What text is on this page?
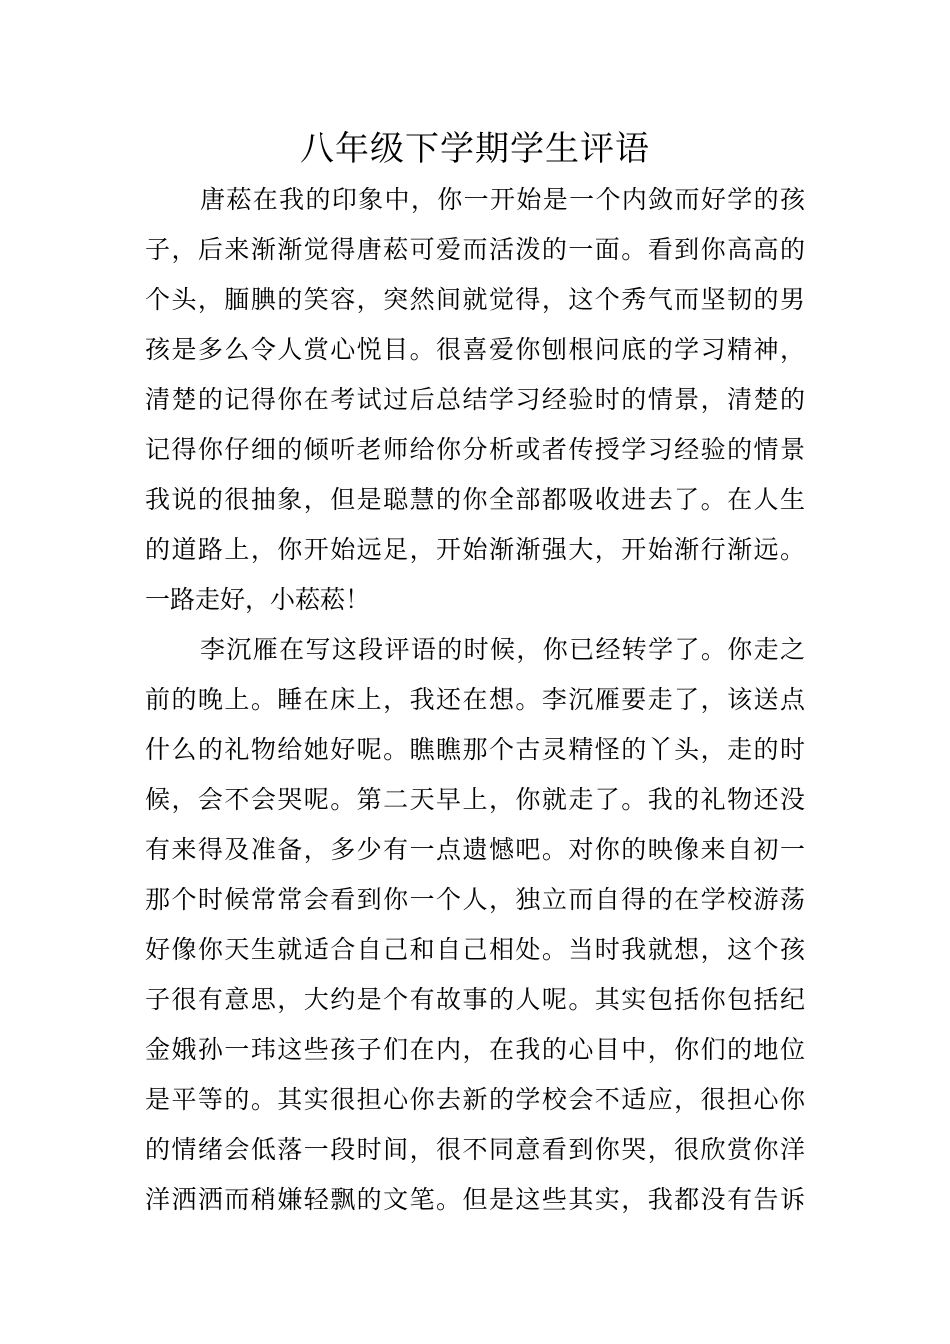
八年级下学期学生评语
唐菘在我的印象中，你一开始是一个内敛而好学的孩
子，后来渐渐觉得唐菘可爱而活泼的一面。看到你高高的
个头，腼腆的笑容，突然间就觉得，这个秀气而坚韧的男
孩是多么令人赏心悦目。很喜爱你刨根问底的学习精神，
清楚的记得你在考试过后总结学习经验时的情景，清楚的
记得你仔细的倾听老师给你分析或者传授学习经验的情景
我说的很抽象，但是聪慧的你全部都吸收进去了。在人生
的道路上，你开始远足，开始渐渐强大，开始渐行渐远。
一路走好，小菘菘！
李沉雁在写这段评语的时候，你已经转学了。你走之
前的晚上。睡在床上，我还在想。李沉雁要走了，该送点
什么的礼物给她好呢。瞧瞧那个古灵精怪的丫头，走的时
候，会不会哭呢。第二天早上，你就走了。我的礼物还没
有来得及准备，多少有一点遗憾吧。对你的映像来自初一
那个时候常常会看到你一个人，独立而自得的在学校游荡
好像你天生就适合自己和自己相处。当时我就想，这个孩
子很有意思，大约是个有故事的人呢。其实包括你包括纪
金娥孙一玮这些孩子们在内，在我的心目中，你们的地位
是平等的。其实很担心你去新的学校会不适应，很担心你
的情绪会低落一段时间，很不同意看到你哭，很欣赏你洋
洋洒洒而稍嫌轻飘的文笔。但是这些其实，我都没有告诉
